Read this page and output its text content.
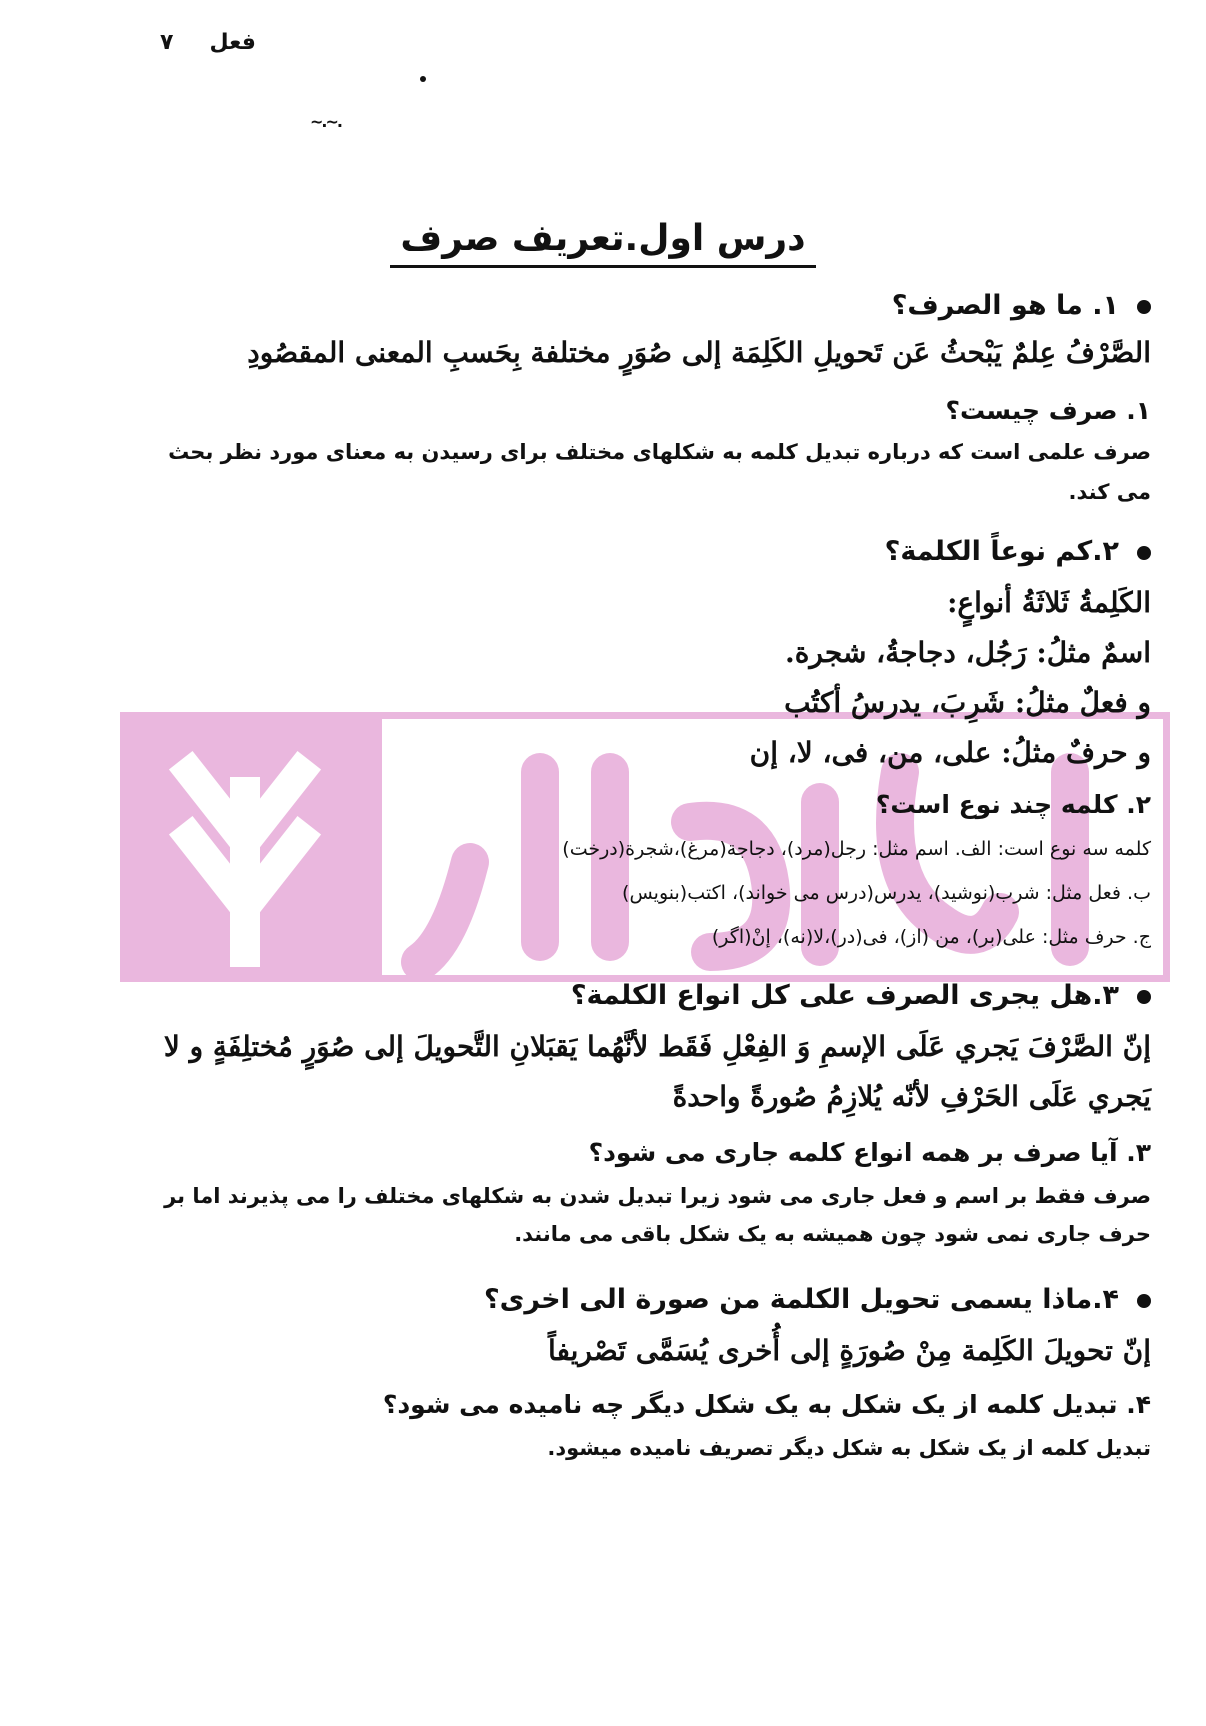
۷ فعل
~.~.
درس اول.تعریف صرف
۱. ما هو الصرف؟
الصَّرْفُ عِلمٌ يَبْحثُ عَن تَحويلِ الكَلِمَة إلى صُوَرٍ مختلفة بِحَسبِ المعنى المقصُودِ
۱. صرف چیست؟
صرف علمی است که درباره تبدیل کلمه به شکلهای مختلف برای رسیدن به معنای مورد نظر بحث
می کند.
۲.کم نوعاً الكلمة؟
الكَلِمةُ ثَلاثَةُ أنواعٍ:
اسمٌ مثلُ: رَجُل، دجاجةُ، شجرة.
و فعلٌ مثلُ: شَرِبَ، يدرسُ أكتُب
و حرفٌ مثلُ: على، من، فى، لا، إن
۲. کلمه چند نوع است؟
کلمه سه نوع است: الف. اسم مثل: رجل(مرد)، دجاجة(مرغ)،شجرة(درخت)
ب. فعل مثل: شرب(نوشید)، یدرس(درس می خواند)، اکتب(بنویس)
ج. حرف مثل: علی(بر)، من (از)، فی(در)،لا(نه)، إنْ(اگر)
۳.هل یجری الصرف علی کل انواع الکلمة؟
إنّ الصَّرْفَ يَجري عَلَى الإسمِ وَ الفِعْلِ فَقَط لأنَّهُما يَقبَلانِ التَّحويلَ إلى صُوَرٍ مُختلِفَةٍ و لا
يَجري عَلَى الحَرْفِ لأنّه يُلازِمُ صُورةً واحدةً
۳. آیا صرف بر همه انواع کلمه جاری می شود؟
صرف فقط بر اسم و فعل جاری می شود زیرا تبدیل شدن به شکلهای مختلف را می پذیرند اما بر
حرف جاری نمی شود چون همیشه به یک شکل باقی می مانند.
۴.ماذا یسمی تحویل الکلمة من صورة الی اخری؟
إنّ تحويلَ الكَلِمة مِنْ صُورَةٍ إلى أُخرى يُسَمَّى تَصْريفاً
۴. تبدیل کلمه از یک شکل به یک شکل دیگر چه نامیده می شود؟
تبدیل کلمه از یک شکل به شکل دیگر تصریف نامیده میشود.
